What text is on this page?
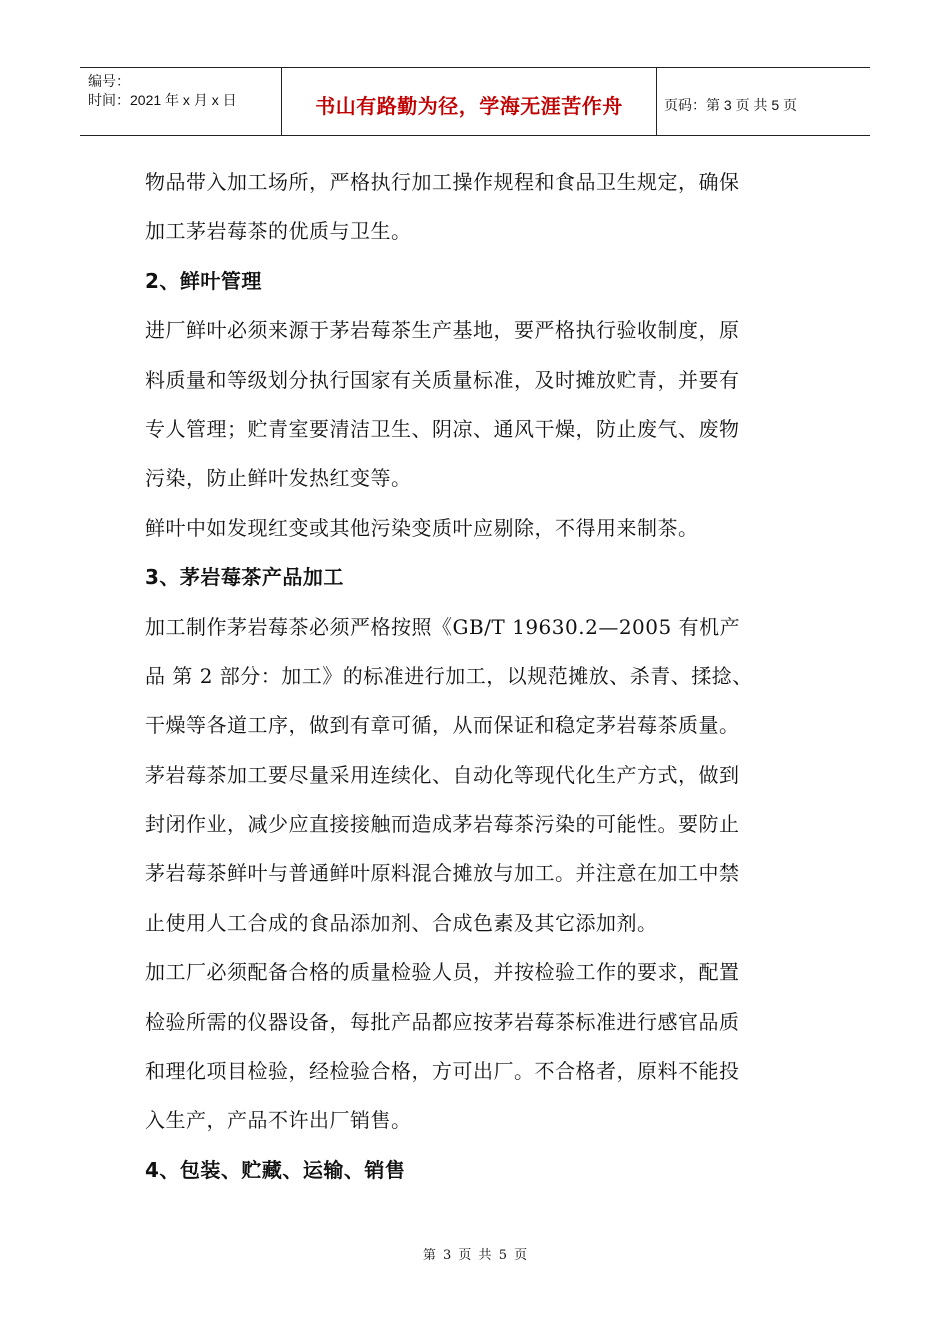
编号：
时间：2021 年 x 月 x 日	书山有路勤为径，学海无涯苦作舟	页码：第 3 页 共 5 页
物品带入加工场所，严格执行加工操作规程和食品卫生规定，确保
加工茅岩莓茶的优质与卫生。
2、鲜叶管理
进厂鲜叶必须来源于茅岩莓茶生产基地，要严格执行验收制度，原
料质量和等级划分执行国家有关质量标准，及时摊放贮青，并要有
专人管理；贮青室要清洁卫生、阴凉、通风干燥，防止废气、废物
污染，防止鲜叶发热红变等。
鲜叶中如发现红变或其他污染变质叶应剔除，不得用来制茶。
3、茅岩莓茶产品加工
加工制作茅岩莓茶必须严格按照《GB/T 19630.2—2005 有机产
品 第 2 部分：加工》的标准进行加工，以规范摊放、杀青、揉捻、
干燥等各道工序，做到有章可循，从而保证和稳定茅岩莓茶质量。
茅岩莓茶加工要尽量采用连续化、自动化等现代化生产方式，做到
封闭作业，减少应直接接触而造成茅岩莓茶污染的可能性。要防止
茅岩莓茶鲜叶与普通鲜叶原料混合摊放与加工。并注意在加工中禁
止使用人工合成的食品添加剂、合成色素及其它添加剂。
加工厂必须配备合格的质量检验人员，并按检验工作的要求，配置
检验所需的仪器设备，每批产品都应按茅岩莓茶标准进行感官品质
和理化项目检验，经检验合格，方可出厂。不合格者，原料不能投
入生产，产品不许出厂销售。
4、包装、贮藏、运输、销售
第 3 页 共 5 页
